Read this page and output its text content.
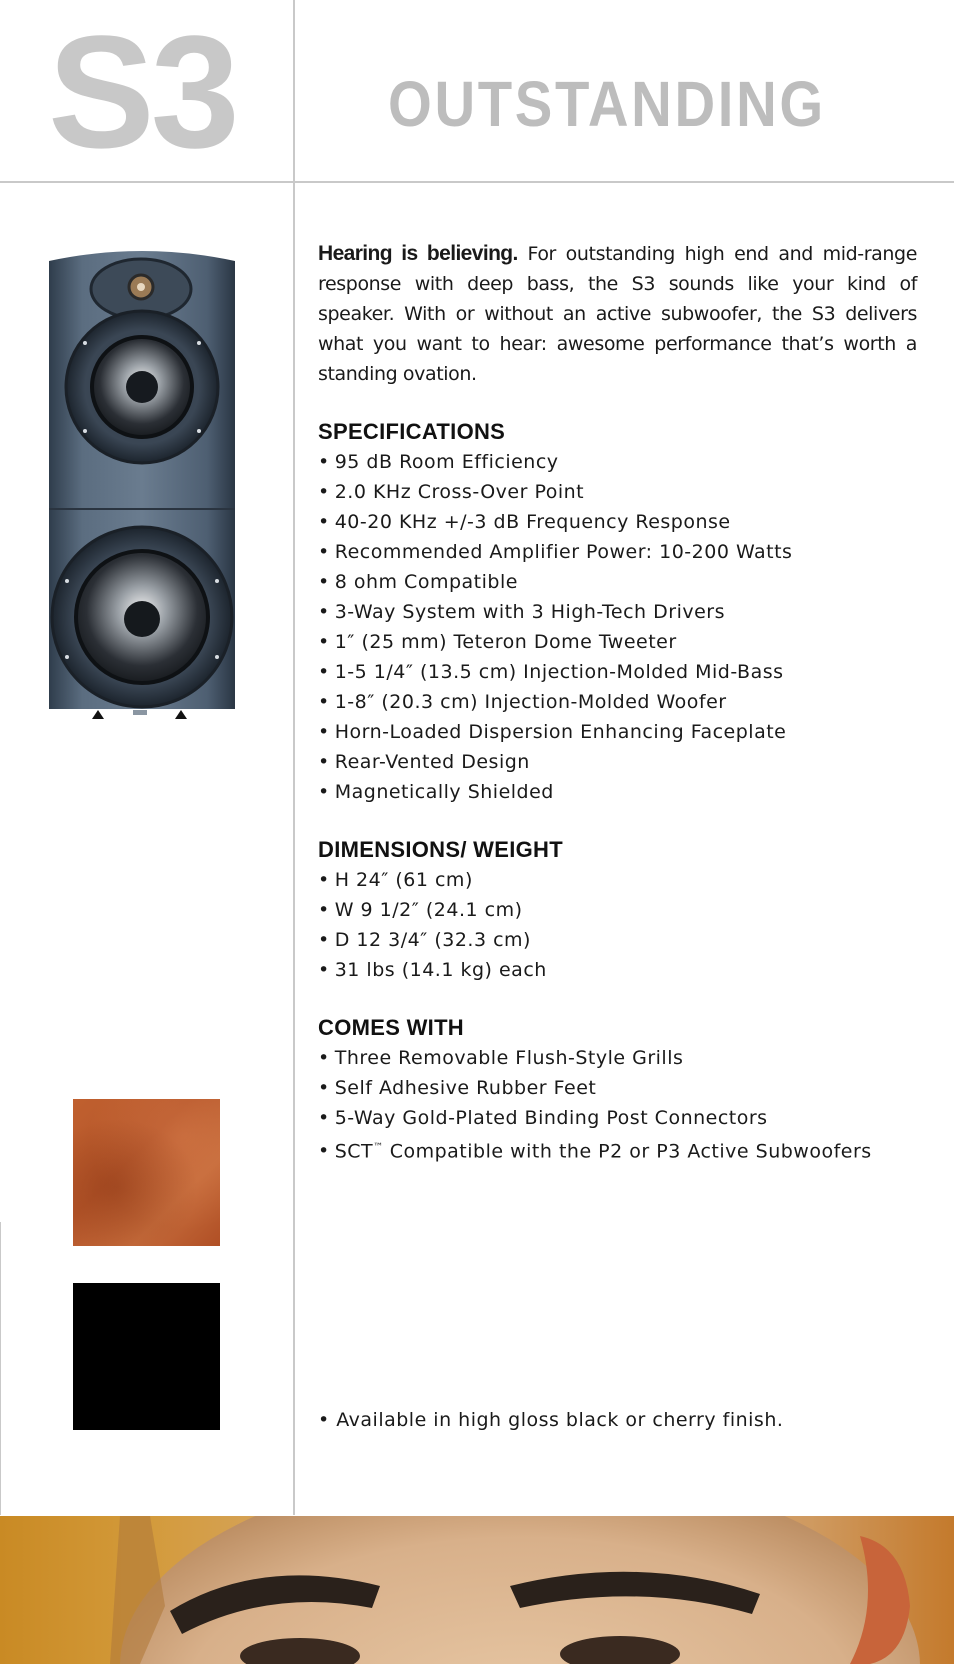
S3 OUTSTANDING

Hearing is believing. For outstanding high end and mid-range response with deep bass, the S3 sounds like your kind of speaker. With or without an active subwoofer, the S3 delivers what you want to hear: awesome performance that’s worth a standing ovation.

SPECIFICATIONS
• 95 dB Room Efficiency
• 2.0 KHz Cross-Over Point
• 40-20 KHz +/-3 dB Frequency Response
• Recommended Amplifier Power: 10-200 Watts
• 8 ohm Compatible
• 3-Way System with 3 High-Tech Drivers
• 1″ (25 mm) Teteron Dome Tweeter
• 1-5 1/4″ (13.5 cm) Injection-Molded Mid-Bass
• 1-8″ (20.3 cm) Injection-Molded Woofer
• Horn-Loaded Dispersion Enhancing Faceplate
• Rear-Vented Design
• Magnetically Shielded
DIMENSIONS/ WEIGHT
• H 24″ (61 cm)
• W 9 1/2″ (24.1 cm)
• D 12 3/4″ (32.3 cm)
• 31 lbs (14.1 kg) each
COMES WITH
• Three Removable Flush-Style Grills
• Self Adhesive Rubber Feet
• 5-Way Gold-Plated Binding Post Connectors
• SCT™ Compatible with the P2 or P3 Active Subwoofers

• Available in high gloss black or cherry finish.
